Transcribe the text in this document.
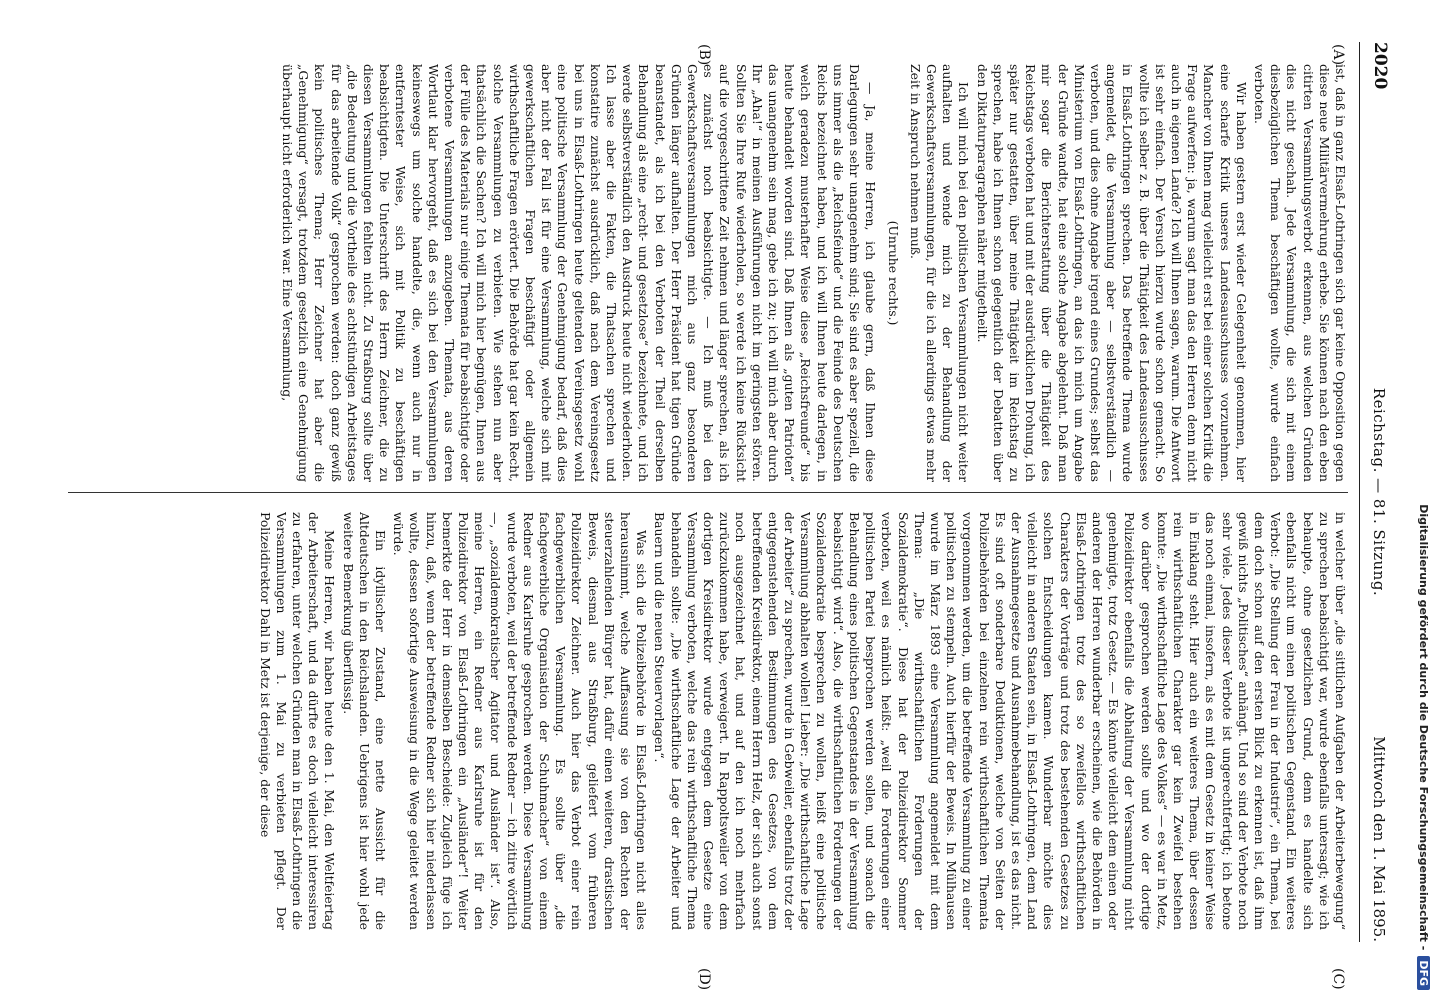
2020
Reichstag. — 81. Sitzung.
Mittwoch den 1. Mai 1895.
(A)
(B)
(C)
(D)

ist, daß in ganz Elsaß-Lothringen sich gar keine Opposition gegen diese neue Militärvermehrung erhebe. Sie können nach den eben citirten Versammlungsverbot erkennen, aus welchen Gründen dies nicht geschah. Jede Versammlung, die sich mit einem diesbezüglichen Thema beschäftigen wollte, wurde einfach verboten.

Wir haben gestern erst wieder Gelegenheit genommen, hier eine scharfe Kritik unseres Landesausschusses vorzunehmen. Mancher von Ihnen mag vielleicht erst bei einer solchen Kritik die Frage aufwerfen: ja, warum sagt man das den Herren denn nicht auch in eigenen Lande? Ich will Ihnen sagen, warum. Die Antwort ist sehr einfach. Der Versuch hierzu wurde schon gemacht. So wollte ich selber z. B. über die Thätigkeit des Landesausschusses in Elsaß-Lothringen sprechen. Das betreffende Thema wurde angemeldet, die Versammlung aber — selbstverständlich — verboten, und dies ohne Angabe irgend eines Grundes; selbst das Ministerium von Elsaß-Lothringen, an das ich mich um Angabe der Gründe wandte, hat eine solche Angabe abgelehnt. Daß man mir sogar die Berichterstattung über die Thätigkeit des Reichstags verboten hat und mit der ausdrücklichen Drohung, ich später nur gestatten, über meine Thätigkeit im Reichstag zu sprechen, habe ich Ihnen schon gelegentlich der Debatten über den Diktaturparagraphen näher mitgetheilt.

Ich will mich bei den politischen Versammlungen nicht weiter aufhalten und wende mich zu der Behandlung der Gewerkschaftsversammlungen, für die ich allerdings etwas mehr Zeit in Anspruch nehmen muß.

(Unruhe rechts.)

— Ja, meine Herren, ich glaube gern, daß Ihnen diese Darlegungen sehr unangenehm sind; Sie sind es aber speziell, die uns immer als die „Reichsfeinde“ und die Feinde des Deutschen Reichs bezeichnet haben, und ich will Ihnen heute darlegen, in welch geradezu musterhafter Weise diese „Reichsfreunde“ bis heute behandelt worden sind. Daß Ihnen als „guten Patrioten“ das unangenehm sein mag, gebe ich zu; ich will mich aber durch Ihr „Aha!“ in meinen Ausführungen nicht im geringsten stören. Sollten Sie Ihre Rufe wiederholen, so werde ich keine Rücksicht auf die vorgeschrittene Zeit nehmen und länger sprechen, als ich es zunächst noch beabsichtigte. — Ich muß bei den Gewerkschaftsversammlungen mich aus ganz besonderen Gründen länger aufhalten. Der Herr Präsident hat tigen Gründe beanstandet, als ich bei den Verboten der Theil derselben Behandlung als eine „recht- und gesetzlose“ bezeichnete, und ich werde selbstverständlich den Ausdruck heute nicht wiederholen. Ich lasse aber die Fakten, die Thatsachen sprechen und konstatire zunächst ausdrücklich, daß nach dem Vereinsgesetz bei uns in Elsaß-Lothringen heute geltenden Vereinsgesetz wohl eine politische Versammlung der Genehmigung bedarf, daß dies aber nicht der Fall ist für eine Versammlung, welche sich mit gewerkschaftlichen Fragen beschäftigt oder allgemein wirthschaftliche Fragen erörtert. Die Behörde hat gar kein Recht, solche Versammlungen zu verbieten. Wie stehen nun aber thatsächlich die Sachen? Ich will mich hier begnügen, Ihnen aus der Fülle des Materials nur einige Themata für beabsichtigte oder verbotene Versammlungen anzugeben. Themata, aus deren Wortlaut klar hervorgeht, daß es sich bei den Versammlungen keineswegs um solche handelte, die, wenn auch nur in entferntester Weise, sich mit Politik zu beschäftigen beabsichtigten. Die Unterschrift des Herrn Zeichner, die zu diesen Versammlungen fehlten nicht. Zu Straßburg sollte über „die Bedeutung und die Vortheile des achtstündigen Arbeitstages für das arbeitende Volk“ gesprochen werden: doch ganz gewiß kein politisches Thema; Herr Zeichner hat aber die „Genehmigung“ versagt, trotzdem gesetzlich eine Genehmigung überhaupt nicht erforderlich war. Eine Versammlung,

in welcher über „die sittlichen Aufgaben der Arbeiterbewegung“ zu sprechen beabsichtigt war, wurde ebenfalls untersagt; wie ich behaupte, ohne gesetzlichen Grund, denn es handelte sich ebenfalls nicht um einen politischen Gegenstand. Ein weiteres Verbot: „Die Stellung der Frau in der Industrie“, ein Thema, bei dem doch schon auf den ersten Blick zu erkennen ist, daß ihm gewiß nichts „Politisches“ anhängt. Und so sind der Verbote noch sehr viele. Jedes dieser Verbote ist ungerechtfertigt; ich betone das noch einmal, insofern, als es mit dem Gesetz in keiner Weise in Einklang steht. Hier auch ein weiteres Thema, über dessen rein wirthschaftlichen Charakter gar kein Zweifel bestehen konnte: „Die wirthschaftliche Lage des Volkes“ — es war in Metz, wo darüber gesprochen werden sollte und wo der dortige Polizeidirektor ebenfalls die Abhaltung der Versammlung nicht genehmigte, trotz Gesetz. — Es könnte vielleicht dem einen oder anderen der Herren wunderbar erscheinen, wie die Behörden in Elsaß-Lothringen trotz des so zweifellos wirthschaftlichen Charakters der Vorträge und trotz des bestehenden Gesetzes zu solchen Entscheidungen kamen. Wunderbar möchte dies vielleicht in anderen Staaten sein, in Elsaß-Lothringen, dem Land der Ausnahmegesetze und Ausnahmebehandlung, ist es das nicht. Es sind oft sonderbare Deduktionen, welche von Seiten der Polizeibehörden bei einzelnen rein wirthschaftlichen Themata vorgenommen werden, um die betreffende Versammlung zu einer politischen zu stempeln. Auch hierfür der Beweis. In Mülhausen wurde im März 1893 eine Versammlung angemeldet mit dem Thema: „Die wirthschaftlichen Forderungen der Sozialdemokratie“. Diese hat der Polizeidirektor Sommer verboten, weil es nämlich heißt: „weil die Forderungen einer politischen Partei besprochen werden sollen, und sonach die Behandlung eines politischen Gegenstandes in der Versammlung beabsichtigt wird“. Also, die wirthschaftlichen Forderungen der Sozialdemokratie besprechen zu wollen, heißt eine politische Versammlung abhalten wollen! Lieber: „Die wirthschaftliche Lage der Arbeiter“ zu sprechen, wurde in Gebweiler, ebenfalls trotz der entgegenstehenden Bestimmungen des Gesetzes, von dem betreffenden Kreisdirektor, einem Herrn Helz, der sich auch sonst noch ausgezeichnet hat, und auf den ich noch mehrfach zurückzukommen habe, verweigert. In Rappoltsweiler von dem dortigen Kreisdirektor wurde entgegen dem Gesetze eine Versammlung verboten, welche das rein wirthschaftliche Thema behandeln sollte: „Die wirthschaftliche Lage der Arbeiter und Bauern und die neuen Steuervorlagen“.

Was sich die Polizeibehörde in Elsaß-Lothringen nicht alles herausnimmt, welche Auffassung sie von den Rechten der steuerzahlenden Bürger hat, dafür einen weiteren, drastischen Beweis, diesmal aus Straßburg, geliefert vom früheren Polizeidirektor Zeichner. Auch hier das Verbot einer rein fachgewerblichen Versammlung. Es sollte über „die fachgewerbliche Organisation der Schuhmacher“ von einem Redner aus Karlsruhe gesprochen werden. Diese Versammlung wurde verboten, weil der betreffende Redner — ich zitire wörtlich —, „sozialdemokratischer Agitator und Ausländer ist“. Also, meine Herren, ein Redner aus Karlsruhe ist für den Polizeidirektor von Elsaß-Lothringen ein „Ausländer“! Weiter bemerkte der Herr in demselben Bescheide: Zugleich füge ich hinzu, daß, wenn der betreffende Redner sich hier niederlassen wollte, dessen sofortige Ausweisung in die Wege geleitet werden würde.

Ein idyllischer Zustand, eine nette Aussicht für die Altdeutschen in den Reichslanden. Uebrigens ist hier wohl jede weitere Bemerkung überflüssig.

Meine Herren, wir haben heute den 1. Mai, den Weltfeiertag der Arbeiterschaft, und da dürfte es doch vielleicht interessiren zu erfahren, unter welchen Gründen man in Elsaß-Lothringen die Versammlungen zum 1. Mai zu verbieten pflegt. Der Polizeidirektor Dahl in Metz ist derjenige, der diese	Digitalisierung gefördert durch die Deutsche Forschungsgemeinschaft -DFG
